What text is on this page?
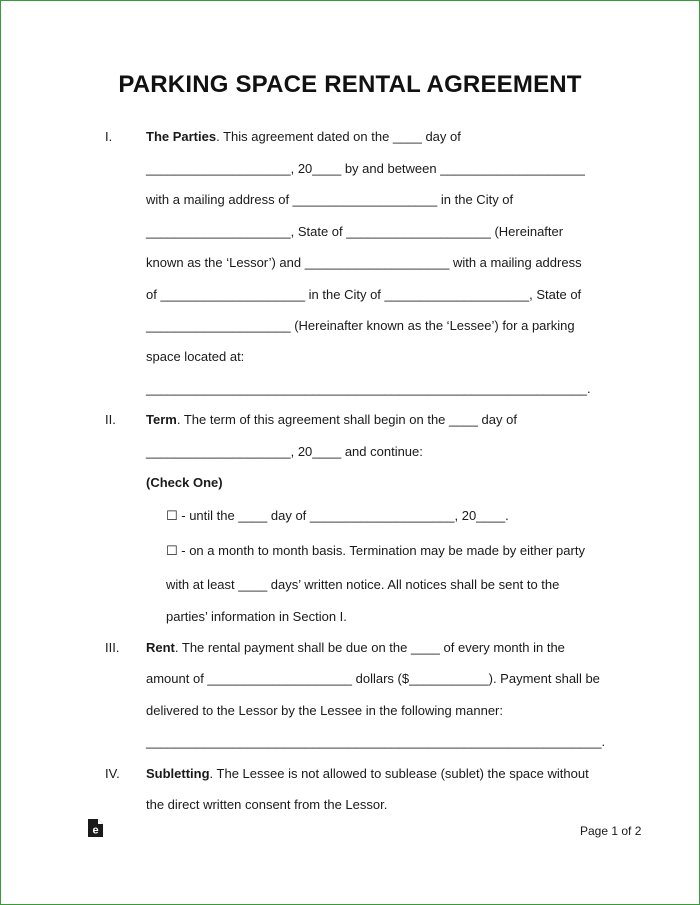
PARKING SPACE RENTAL AGREEMENT
I.	The Parties. This agreement dated on the ____ day of
____________________, 20____ by and between ____________________
with a mailing address of ____________________ in the City of
____________________, State of ____________________ (Hereinafter
known as the ‘Lessor’) and ____________________ with a mailing address
of ____________________ in the City of ____________________, State of
____________________ (Hereinafter known as the ‘Lessee’) for a parking
space located at:
_____________________________________________________________.
II. Term. The term of this agreement shall begin on the ____ day of
____________________, 20____ and continue:
(Check One)
☐ - until the ____ day of ____________________, 20____.
☐ - on a month to month basis. Termination may be made by either party
with at least ____ days’ written notice. All notices shall be sent to the
parties’ information in Section I.
III. Rent. The rental payment shall be due on the ____ of every month in the
amount of ____________________ dollars ($___________). Payment shall be
delivered to the Lessor by the Lessee in the following manner:
_______________________________________________________________.
IV. Subletting. The Lessee is not allowed to sublease (sublet) the space without
the direct written consent from the Lessor.
e	Page 1 of 2
